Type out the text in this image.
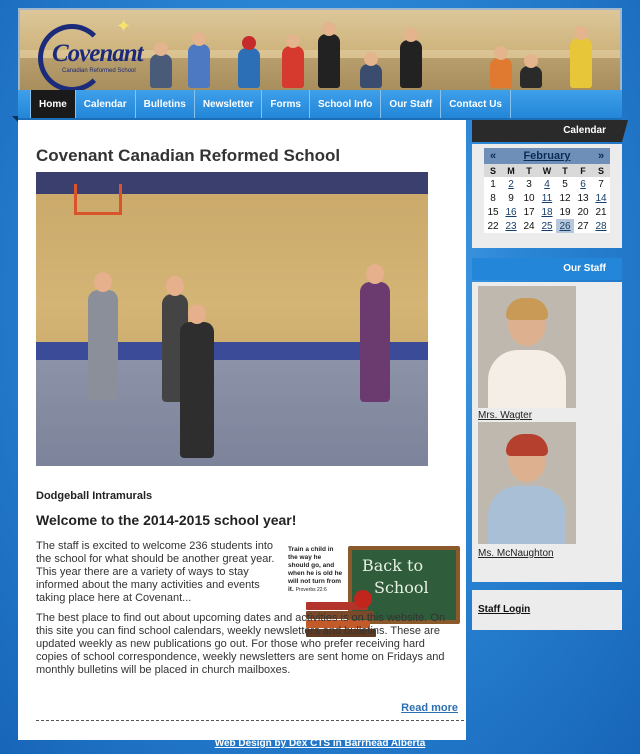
Covenant
Canadian Reformed School
✦
Home	Calendar	Bulletins	Newsletter	Forms	School Info	Our Staff	Contact Us
Covenant Canadian Reformed School
Dodgeball Intramurals
Welcome to the 2014-2015 school year!
The staff is excited to welcome 236 students into the school for what should be another great year. This year there are a variety of ways to stay informed about the many activities and events taking place here at Covenant...
Train a child in the way he should go, and when he is old he will not turn from it. Proverbs 22:6
Back to
School
The best place to find out about upcoming dates and activities is on this website. On this site you can find school calendars, weekly newsletters and bulletins. These are updated weekly as new publications go out. For those who prefer receiving hard copies of school correspondence, weekly newsletters are sent home on Fridays and monthly bulletins will be placed in church mailboxes.
Read more
Calendar
«	February					»
S	M	T	W	T	F	S
1	2	3	4	5	6	7
8	9	10	11	12	13	14
15	16	17	18	19	20	21
22	23	24	25	26	27	28
Our Staff
Mrs. Wagter
Ms. McNaughton
Staff Login
Web Design by Dex CTS in Barrhead Alberta
